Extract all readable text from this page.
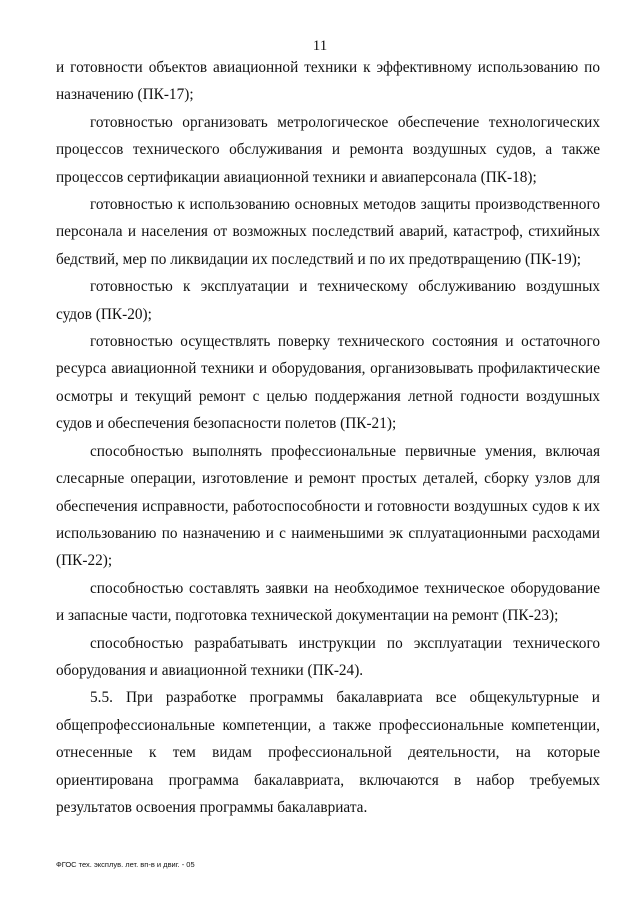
11

и готовности объектов авиационной техники к эффективному использованию по назначению (ПК-17);

готовностью организовать метрологическое обеспечение технологических процессов технического обслуживания и ремонта воздушных судов, а также процессов сертификации авиационной техники и авиаперсонала (ПК-18);

готовностью к использованию основных методов защиты производственного персонала и населения от возможных последствий аварий, катастроф, стихийных бедствий, мер по ликвидации их последствий и по их предотвращению (ПК-19);

готовностью к эксплуатации и техническому обслуживанию воздушных судов (ПК-20);

готовностью осуществлять поверку технического состояния и остаточного ресурса авиационной техники и оборудования, организовывать профилактические осмотры и текущий ремонт с целью поддержания летной годности воздушных судов и обеспечения безопасности полетов (ПК-21);

способностью выполнять профессиональные первичные умения, включая слесарные операции, изготовление и ремонт простых деталей, сборку узлов для обеспечения исправности, работоспособности и готовности воздушных судов к их использованию по назначению и с наименьшими эк сплуатационными расходами (ПК-22);

способностью составлять заявки на необходимое техническое оборудование и запасные части, подготовка технической документации на ремонт (ПК-23);

способностью разрабатывать инструкции по эксплуатации технического оборудования и авиационной техники (ПК-24).

5.5. При разработке программы бакалавриата все общекультурные и общепрофессиональные компетенции, а также профессиональные компетенции, отнесенные к тем видам профессиональной деятельности, на которые ориентирована программа бакалавриата, включаются в набор требуемых результатов освоения программы бакалавриата.

ФГОС тех. эксплув. лет. вп-в и двиг. - 05
